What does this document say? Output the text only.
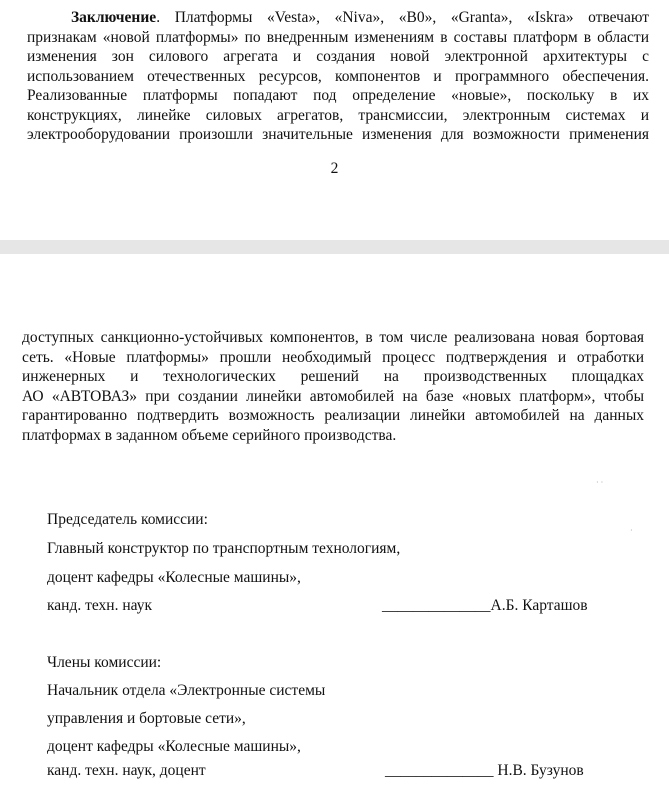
Заключение. Платформы «Vesta», «Niva», «В0», «Granta», «Iskra» отвечают
признакам «новой платформы» по внедренным изменениям в составы платформ в области
изменения зон силового агрегата и создания новой электронной архитектуры с
использованием отечественных ресурсов, компонентов и программного обеспечения.
Реализованные платформы попадают под определение «новые», поскольку в их
конструкциях, линейке силовых агрегатов, трансмиссии, электронным системах и
электрооборудовании произошли значительные изменения для возможности применения
2
доступных санкционно-устойчивых компонентов, в том числе реализована новая бортовая
сеть. «Новые платформы» прошли необходимый процесс подтверждения и отработки
инженерных и технологических решений на производственных площадках
АО «АВТОВАЗ» при создании линейки автомобилей на базе «новых платформ», чтобы
гарантированно подтвердить возможность реализации линейки автомобилей на данных
платформах в заданном объеме серийного производства.
· ·
·
Председатель комиссии:
Главный конструктор по транспортным технологиям,
доцент кафедры «Колесные машины»,
канд. техн. наук	______________А.Б. Карташов
Члены комиссии:
Начальник отдела «Электронные системы
управления и бортовые сети»,
доцент кафедры «Колесные машины»,
канд. техн. наук, доцент	______________ Н.В. Бузунов
